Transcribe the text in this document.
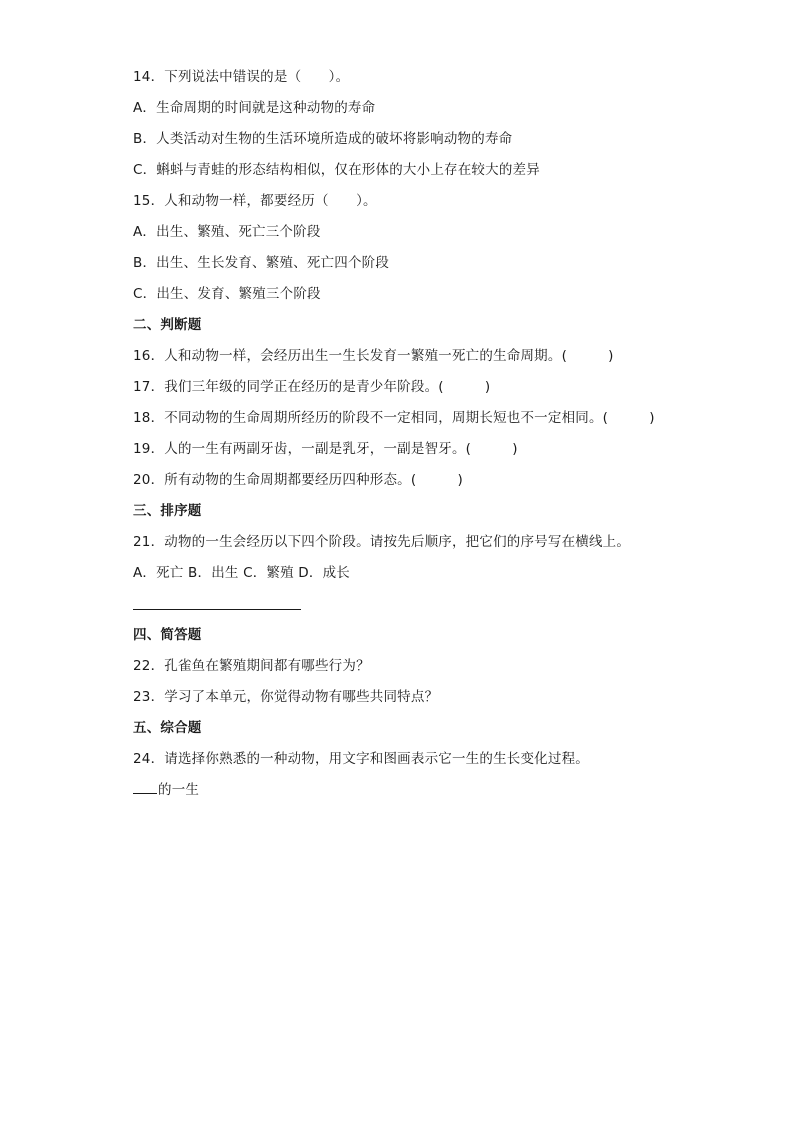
14．下列说法中错误的是（　　）。
A．生命周期的时间就是这种动物的寿命
B．人类活动对生物的生活环境所造成的破坏将影响动物的寿命
C．蝌蚪与青蛙的形态结构相似，仅在形体的大小上存在较大的差异
15．人和动物一样，都要经历（　　）。
A．出生、繁殖、死亡三个阶段
B．出生、生长发育、繁殖、死亡四个阶段
C．出生、发育、繁殖三个阶段
二、判断题
16．人和动物一样，会经历出生一生长发育一繁殖一死亡的生命周期。(　　　)
17．我们三年级的同学正在经历的是青少年阶段。(　　　)
18．不同动物的生命周期所经历的阶段不一定相同，周期长短也不一定相同。(　　　)
19．人的一生有两副牙齿，一副是乳牙，一副是智牙。(　　　)
20．所有动物的生命周期都要经历四种形态。(　　　)
三、排序题
21．动物的一生会经历以下四个阶段。请按先后顺序，把它们的序号写在横线上。
A．死亡 B．出生 C．繁殖 D．成长
四、简答题
22．孔雀鱼在繁殖期间都有哪些行为？
23．学习了本单元，你觉得动物有哪些共同特点？
五、综合题
24．请选择你熟悉的一种动物，用文字和图画表示它一生的生长变化过程。
的一生
